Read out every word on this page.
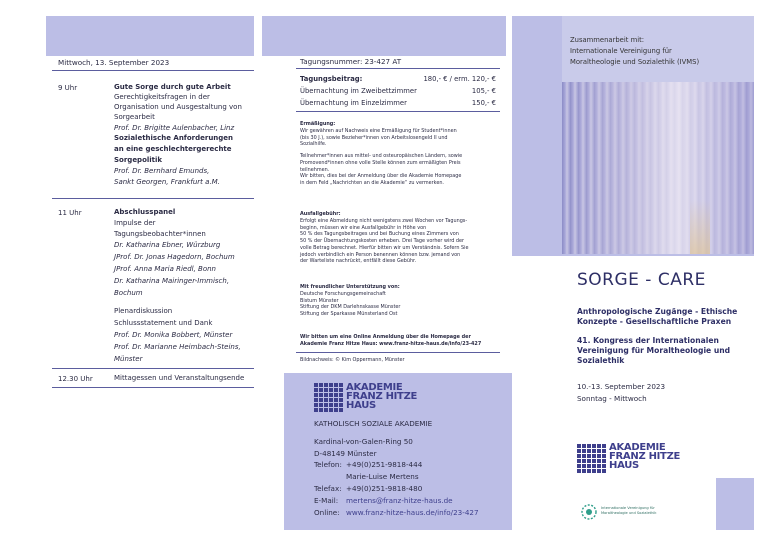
Mittwoch, 13. September 2023
9 Uhr	Gute Sorge durch gute Arbeit
Gerechtigkeitsfragen in der
Organisation und Ausgestaltung von
Sorgearbeit
Prof. Dr. Brigitte Aulenbacher, Linz
Sozialethische Anforderungen
an eine geschlechtergerechte
Sorgepolitik
Prof. Dr. Bernhard Emunds,
Sankt Georgen, Frankfurt a.M.
11 Uhr	Abschlusspanel
Impulse der
Tagungsbeobachter*innen
Dr. Katharina Ebner, Würzburg
JProf. Dr. Jonas Hagedorn, Bochum
JProf. Anna Maria Riedl, Bonn
Dr. Katharina Mairinger-Immisch,
Bochum
Plenardiskussion
Schlussstatement und Dank
Prof. Dr. Monika Bobbert, Münster
Prof. Dr. Marianne Heimbach-Steins,
Münster
12.30 Uhr	Mittagessen und Veranstaltungsende
Tagungsnummer: 23-427 AT
Tagungsbeitrag:	180,- € / erm. 120,- €
Übernachtung im Zweibettzimmer	105,- €
Übernachtung im Einzelzimmer	150,- €
Ermäßigung:
Wir gewähren auf Nachweis eine Ermäßigung für Student*innen
(bis 30 J.), sowie Bezieher*innen von Arbeitslosengeld II und
Sozialhilfe.
Teilnehmer*innen aus mittel- und osteuropäischen Ländern, sowie
Promovend*innen ohne volle Stelle können zum ermäßigten Preis
teilnehmen.
Wir bitten, dies bei der Anmeldung über die Akademie Homepage
in dem Feld „Nachrichten an die Akademie“ zu vermerken.
Ausfallgebühr:
Erfolgt eine Abmeldung nicht wenigstens zwei Wochen vor Tagungs-
beginn, müssen wir eine Ausfallgebühr in Höhe von
50 % des Tagungsbeitrages und bei Buchung eines Zimmers von
50 % der Übernachtungskosten erheben. Drei Tage vorher wird der
volle Betrag berechnet. Hierfür bitten wir um Verständnis. Sofern Sie
jedoch verbindlich ein Person benennen können bzw. jemand von
der Warteliste nachrückt, entfällt diese Gebühr.
Mit freundlicher Unterstützung von:
Deutsche Forschungsgemeinschaft
Bistum Münster
Stiftung der DKM Darlehnskasse Münster
Stiftung der Sparkasse Münsterland Ost
Wir bitten um eine Online Anmeldung über die Homepage der
Akademie Franz Hitze Haus: www.franz-hitze-haus.de/info/23-427
Bildnachweis: © Kim Oppermann, Münster
AKADEMIE
FRANZ HITZE
HAUS
KATHOLISCH SOZIALE AKADEMIE
Kardinal-von-Galen-Ring 50
D-48149 Münster
Telefon: +49(0)251-9818-444
Marie-Luise Mertens
Telefax: +49(0)251-9818-480
E-Mail: mertens@franz-hitze-haus.de
Online: www.franz-hitze-haus.de/info/23-427
Zusammenarbeit mit:
Internationale Vereinigung für
Moraltheologie und Sozialethik (IVMS)
SORGE - CARE
Anthropologische Zugänge - Ethische
Konzepte - Gesellschaftliche Praxen
41. Kongress der Internationalen
Vereinigung für Moraltheologie und
Sozialethik
10.-13. September 2023
Sonntag - Mittwoch
AKADEMIE
FRANZ HITZE
HAUS
Internationale Vereinigung für
Moraltheologie und Sozialethik
